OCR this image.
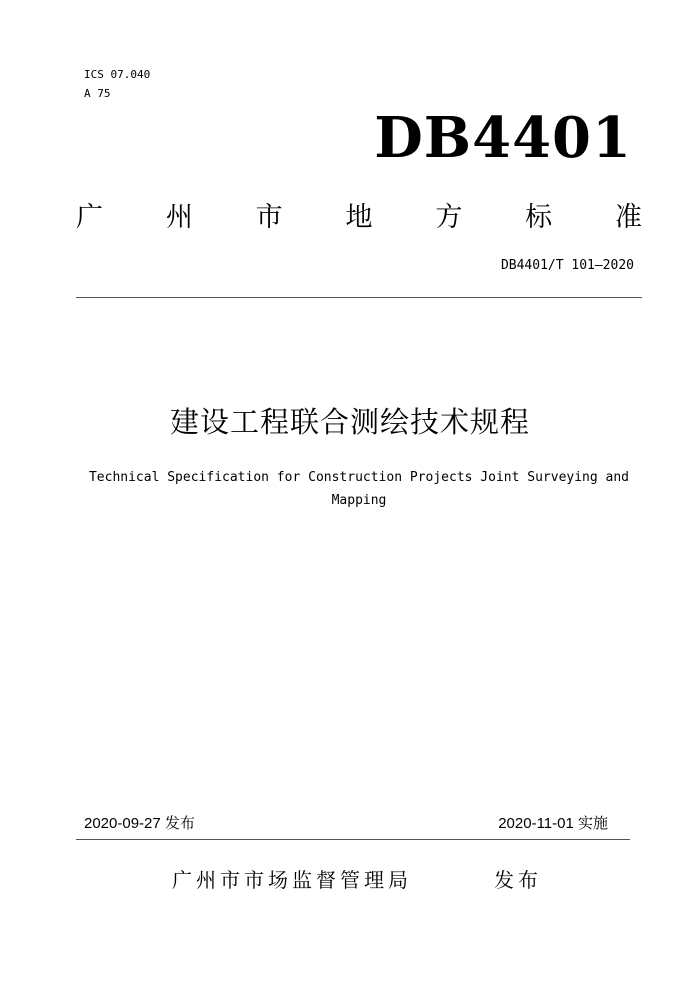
ICS 07.040
A 75
DB4401
广 州 市 地 方 标 准
DB4401/T 101—2020
建设工程联合测绘技术规程
Technical Specification for Construction Projects Joint Surveying and Mapping
2020-09-27 发布	2020-11-01 实施
广州市市场监督管理局	发布
